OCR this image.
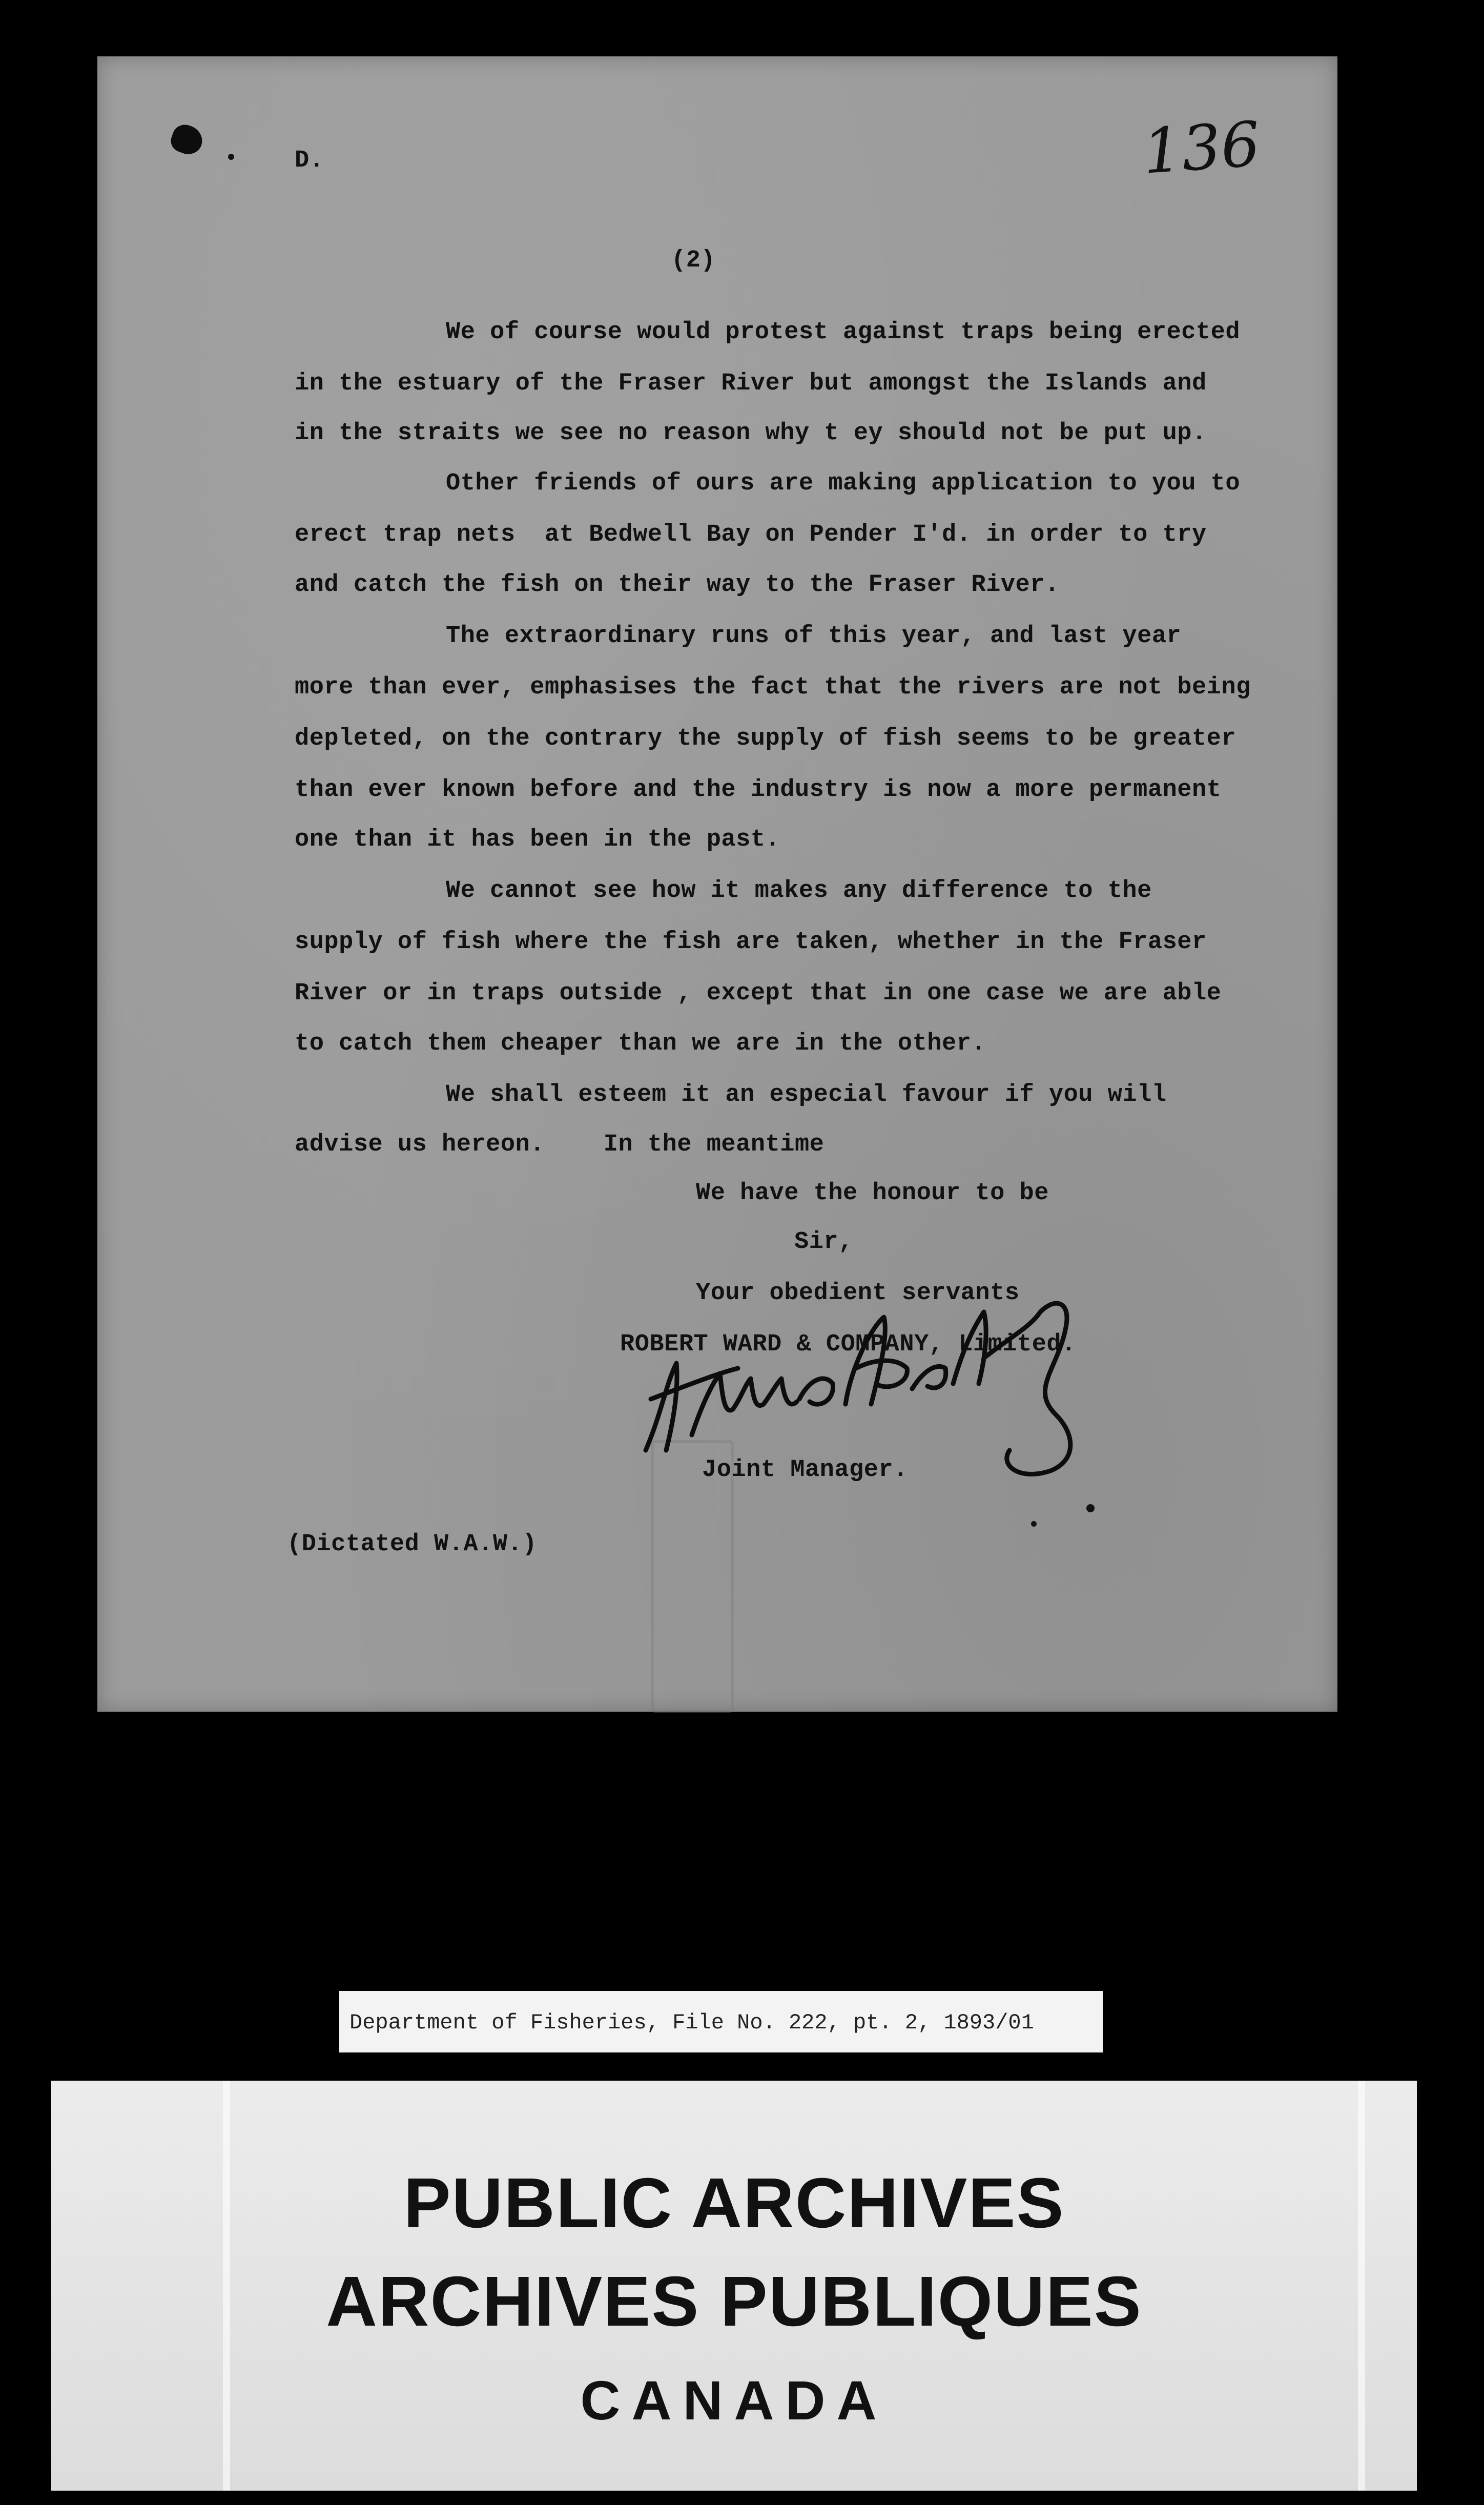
D.	136
(2)
We of course would protest against traps being erected
in the estuary of the Fraser River but amongst the Islands and
in the straits we see no reason why t ey should not be put up.
Other friends of ours are making application to you to
erect trap nets  at Bedwell Bay on Pender I'd. in order to try
and catch the fish on their way to the Fraser River.
The extraordinary runs of this year, and last year
more than ever, emphasises the fact that the rivers are not being
depleted, on the contrary the supply of fish seems to be greater
than ever known before and the industry is now a more permanent
one than it has been in the past.
We cannot see how it makes any difference to the
supply of fish where the fish are taken, whether in the Fraser
River or in traps outside , except that in one case we are able
to catch them cheaper than we are in the other.
We shall esteem it an especial favour if you will
advise us hereon.    In the meantime
We have the honour to be
Sir,
Your obedient servants
ROBERT WARD & COMPANY, Limited.
Joint Manager.
(Dictated W.A.W.)
Department of Fisheries, File No. 222, pt. 2, 1893/01
PUBLIC ARCHIVES
ARCHIVES PUBLIQUES
CANADA
